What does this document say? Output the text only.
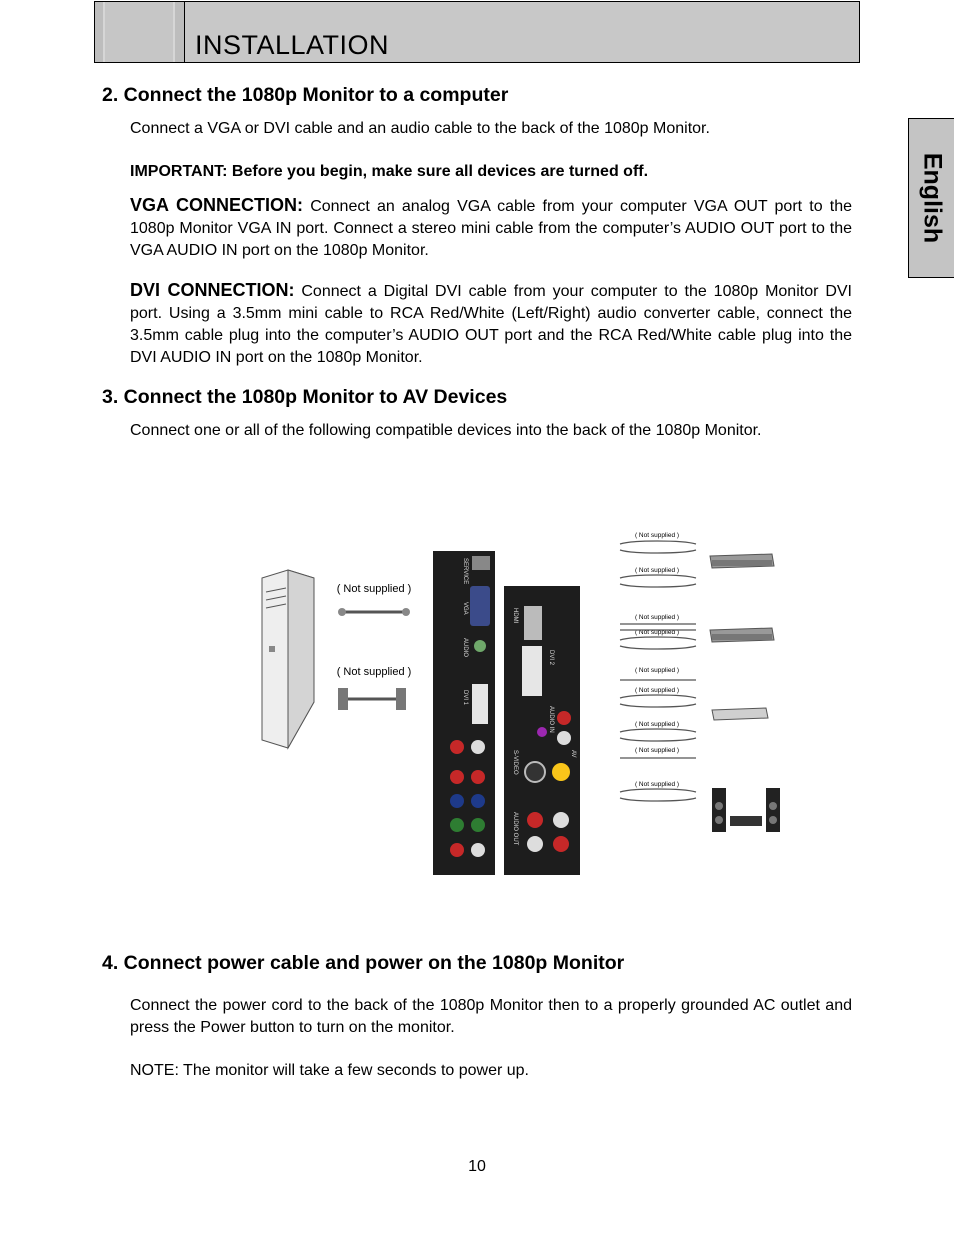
INSTALLATION
English
2. Connect the 1080p Monitor to a computer

Connect a VGA or DVI cable and an audio cable to the back of the 1080p Monitor.

IMPORTANT: Before you begin, make sure all devices are turned off.

VGA CONNECTION: Connect an analog VGA cable from your computer VGA OUT port to the 1080p Monitor VGA IN port. Connect a stereo mini cable from the computer’s AUDIO OUT port to the VGA AUDIO IN port on the 1080p Monitor.

DVI CONNECTION: Connect a Digital DVI cable from your computer to the 1080p Monitor DVI port. Using a 3.5mm mini cable to RCA Red/White (Left/Right) audio converter cable, connect the 3.5mm cable plug into the computer’s AUDIO OUT port and the RCA Red/White cable plug into the DVI AUDIO IN port on the 1080p Monitor.

3. Connect the 1080p Monitor to AV Devices

Connect one or all of the following compatible devices into the back of the 1080p Monitor.

( Not supplied )
( Not supplied )
SERVICE
VGA
AUDIO
DVI 1
HDMI
DVI 2
AUDIO IN
S-VIDEO	AV
AUDIO OUT
( Not supplied )
( Not supplied )
( Not supplied )
( Not supplied )
( Not supplied )
( Not supplied )
( Not supplied )
( Not supplied )
( Not supplied )
4. Connect power cable and power on the 1080p Monitor

Connect the power cord to the back of the 1080p Monitor then to a properly grounded AC outlet and press the Power button to turn on the monitor.

NOTE: The monitor will take a few seconds to power up.

10
